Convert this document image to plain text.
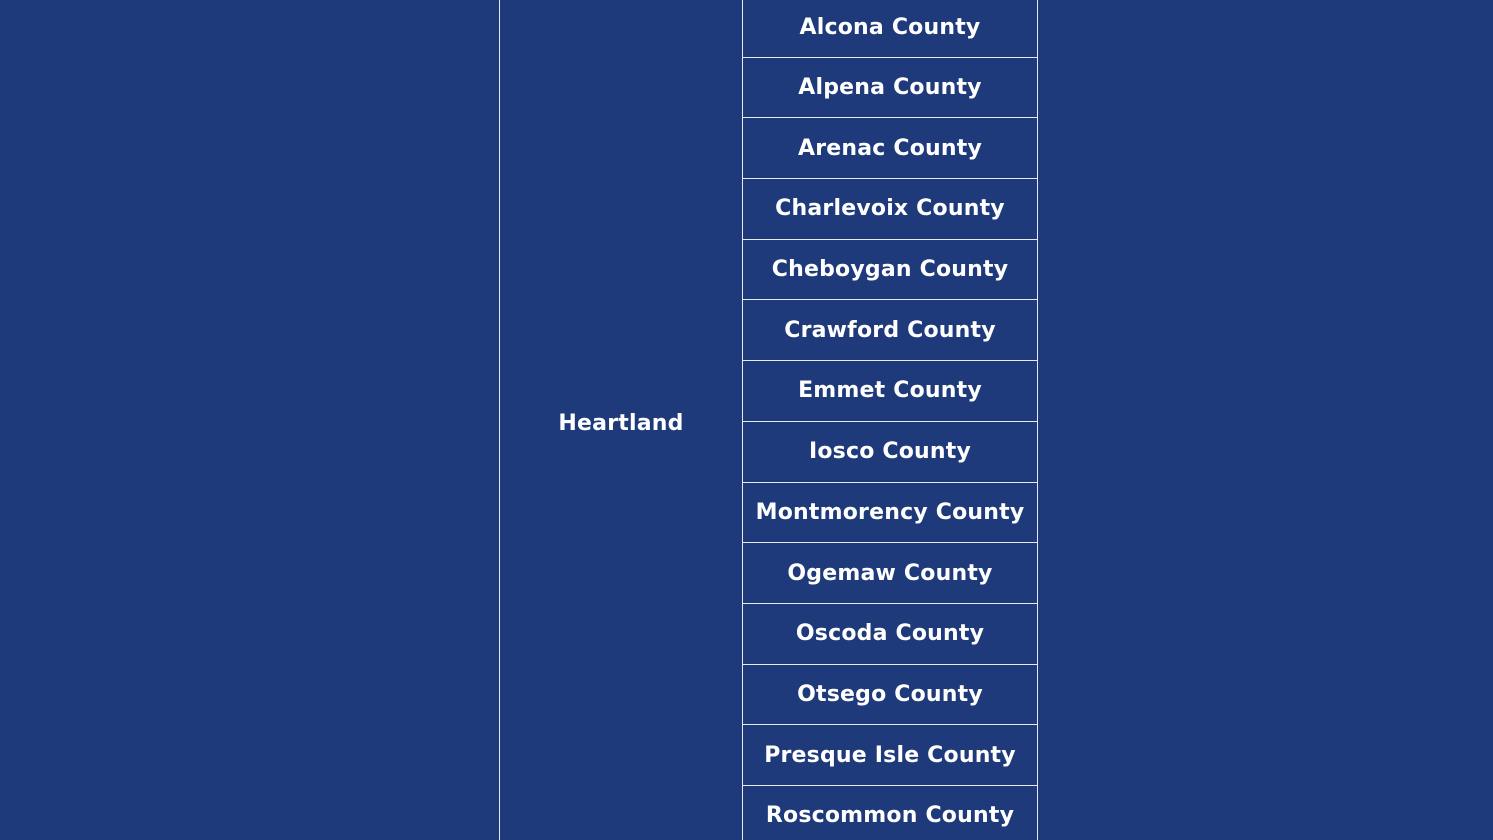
Heartland
Alcona County
Alpena County
Arenac County
Charlevoix County
Cheboygan County
Crawford County
Emmet County
Iosco County
Montmorency County
Ogemaw County
Oscoda County
Otsego County
Presque Isle County
Roscommon County
